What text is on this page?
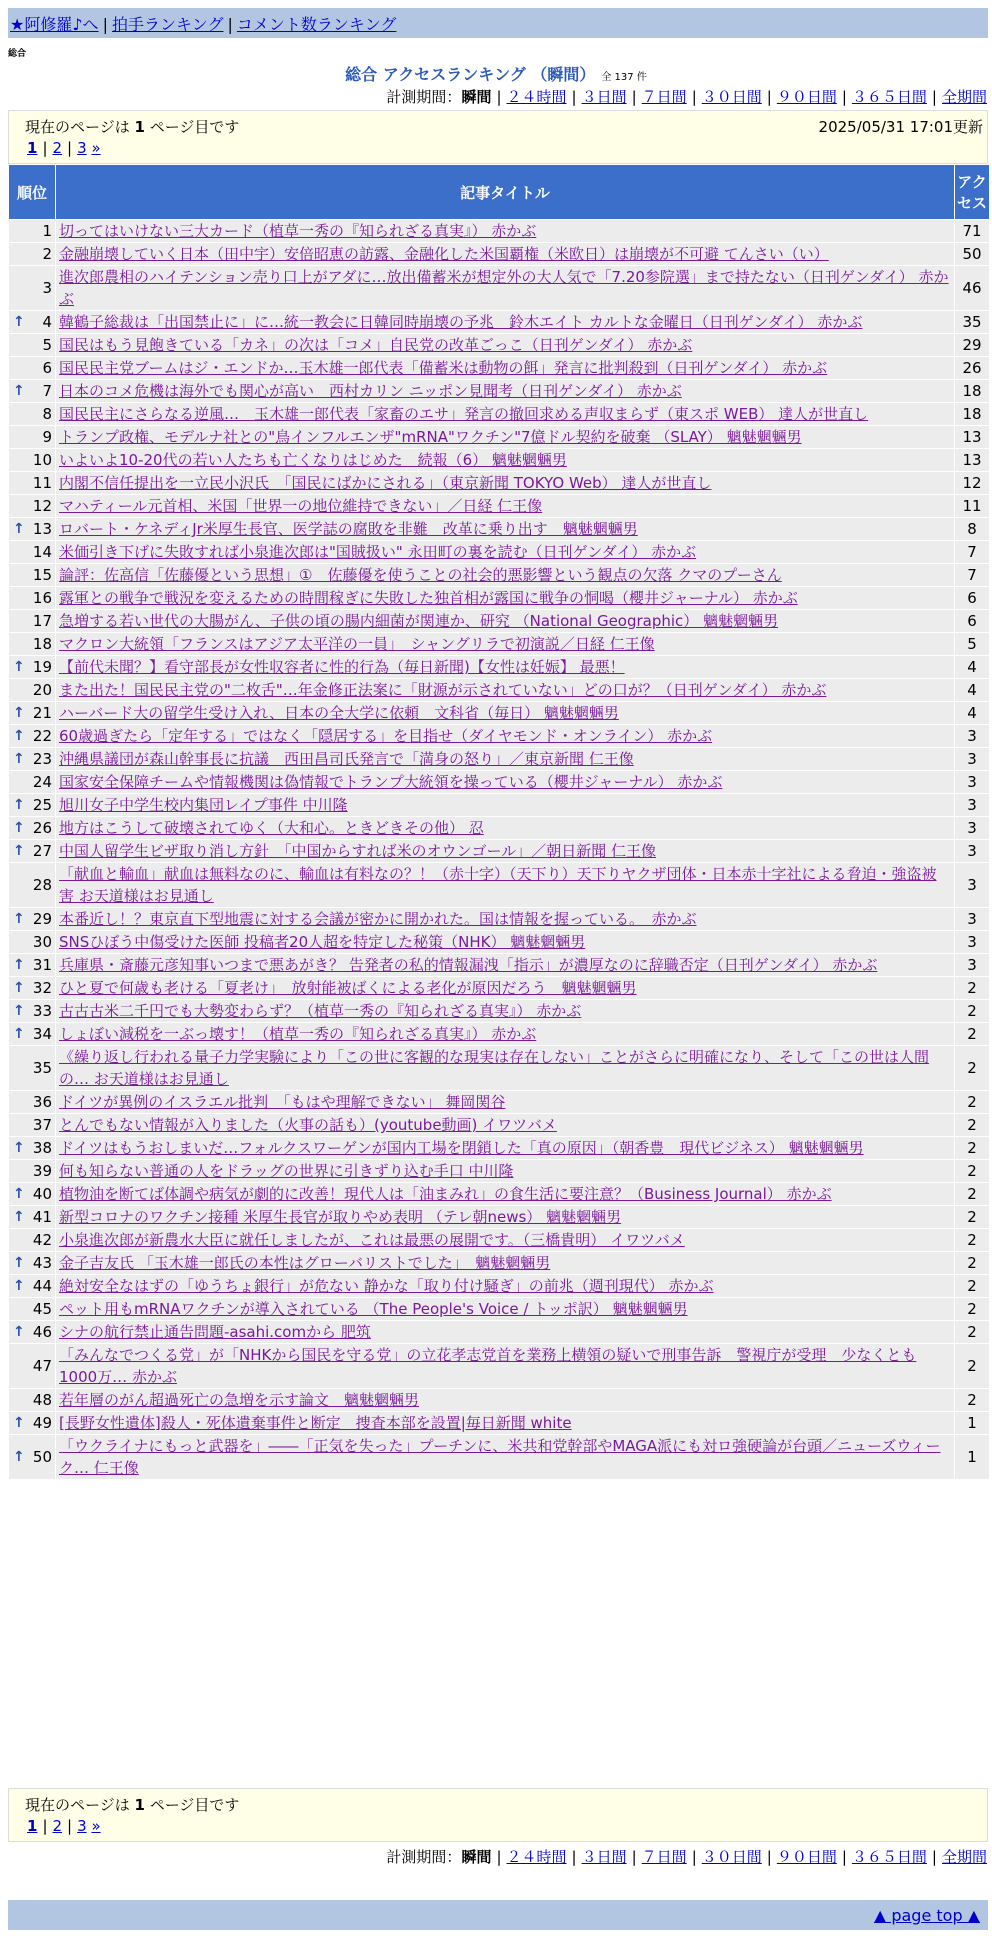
★阿修羅♪へ | 拍手ランキング | コメント数ランキング
総合
総合 アクセスランキング （瞬間） 全 137 件
計測期間：瞬間 | ２４時間 | ３日間 | ７日間 | ３０日間 | ９０日間 | ３６５日間 | 全期間
現在のページは 1 ページ目です	2025/05/31 17:01更新
1 | 2 | 3 »
順位	記事タイトル	アクセス
1	切ってはいけない三大カード（植草一秀の『知られざる真実』） 赤かぶ	71
2	金融崩壊していく日本（田中宇）安倍昭恵の訪露、金融化した米国覇権（米欧日）は崩壊が不可避 てんさい（い）	50
3	進次郎農相のハイテンション売り口上がアダに…放出備蓄米が想定外の大人気で「7.20参院選」まで持たない（日刊ゲンダイ） 赤かぶ	46

↑ 4	韓鶴子総裁は「出国禁止に」に…統一教会に日韓同時崩壊の予兆　鈴木エイト カルトな金曜日（日刊ゲンダイ） 赤かぶ	35
5	国民はもう見飽きている「カネ」の次は「コメ」自民党の改革ごっこ（日刊ゲンダイ） 赤かぶ	29
6	国民民主党ブームはジ・エンドか…玉木雄一郎代表「備蓄米は動物の餌」発言に批判殺到（日刊ゲンダイ） 赤かぶ	26

↑ 7	日本のコメ危機は海外でも関心が高い　西村カリン ニッポン見聞考（日刊ゲンダイ） 赤かぶ	18
8	国民民主にさらなる逆風…　玉木雄一郎代表「家畜のエサ」発言の撤回求める声収まらず（東スポ WEB） 達人が世直し	18
9	トランプ政権、モデルナ社との"鳥インフルエンザ"mRNA"ワクチン"7億ドル契約を破棄 （SLAY） 魑魅魍魎男	13
10	いよいよ10-20代の若い人たちも亡くなりはじめた　続報（6） 魑魅魍魎男	13
11	内閣不信任提出を一立民小沢氏　「国民にばかにされる」（東京新聞 TOKYO Web） 達人が世直し	12
12	マハティール元首相、米国「世界一の地位維持できない」／日経 仁王像	11

↑ 13	ロバート・ケネディJr米厚生長官、医学誌の腐敗を非難　改革に乗り出す　魑魅魍魎男	8
14	米価引き下げに失敗すれば小泉進次郎は"国賊扱い" 永田町の裏を読む（日刊ゲンダイ） 赤かぶ	7
15	論評：佐高信「佐藤優という思想」①　佐藤優を使うことの社会的悪影響という観点の欠落 クマのプーさん	7
16	露軍との戦争で戦況を変えるための時間稼ぎに失敗した独首相が露国に戦争の恫喝（櫻井ジャーナル） 赤かぶ	6
17	急増する若い世代の大腸がん、子供の頃の腸内細菌が関連か、研究 （National Geographic） 魑魅魍魎男	6
18	マクロン大統領「フランスはアジア太平洋の一員」　シャングリラで初演説／日経 仁王像	5

↑ 19	【前代未聞？】看守部長が女性収容者に性的行為（毎日新聞)【女性は妊娠】 最悪！	4
20	また出た！国民民主党の"二枚舌"…年金修正法案に「財源が示されていない」どの口が？（日刊ゲンダイ） 赤かぶ	4

↑ 21	ハーバード大の留学生受け入れ、日本の全大学に依頼　文科省（毎日） 魑魅魍魎男	4

↑ 22	60歳過ぎたら「定年する」ではなく「隠居する」を目指せ（ダイヤモンド・オンライン） 赤かぶ	3

↑ 23	沖縄県議団が森山幹事長に抗議　西田昌司氏発言で「満身の怒り」／東京新聞 仁王像	3
24	国家安全保障チームや情報機関は偽情報でトランプ大統領を操っている（櫻井ジャーナル） 赤かぶ	3

↑ 25	旭川女子中学生校内集団レイプ事件 中川隆	3

↑ 26	地方はこうして破壊されてゆく（大和心。ときどきその他） 忍	3

↑ 27	中国人留学生ビザ取り消し方針　「中国からすれば米のオウンゴール」／朝日新聞 仁王像	3
28	「献血と輸血」献血は無料なのに、輸血は有料なの？！（赤十字）（天下り）天下りヤクザ団体・日本赤十字社による脅迫・強盗被害 お天道様はお見通し	3

↑ 29	本番近し！？東京直下型地震に対する会議が密かに開かれた。国は情報を握っている。　赤かぶ	3
30	SNSひぼう中傷受けた医師 投稿者20人超を特定した秘策（NHK） 魑魅魍魎男	3

↑ 31	兵庫県・斎藤元彦知事いつまで悪あがき？ 告発者の私的情報漏洩「指示」が濃厚なのに辞職否定（日刊ゲンダイ） 赤かぶ	3

↑ 32	ひと夏で何歳も老ける「夏老け」　放射能被ばくによる老化が原因だろう　魑魅魍魎男	2

↑ 33	古古古米二千円でも大勢変わらず？（植草一秀の『知られざる真実』） 赤かぶ	2

↑ 34	しょぼい減税を一ぶっ壊す！（植草一秀の『知られざる真実』） 赤かぶ	2
35	《繰り返し行われる量子力学実験により「この世に客観的な現実は存在しない」ことがさらに明確になり、そして「この世は人間の… お天道様はお見通し	2
36	ドイツが異例のイスラエル批判　「もはや理解できない」 舞岡関谷	2
37	とんでもない情報が入りました（火事の話も）(youtube動画) イワツバメ	2

↑ 38	ドイツはもうおしまいだ…フォルクスワーゲンが国内工場を閉鎖した「真の原因」（朝香豊　現代ビジネス） 魑魅魍魎男	2
39	何も知らない普通の人をドラッグの世界に引きずり込む手口 中川隆	2

↑ 40	植物油を断てば体調や病気が劇的に改善！現代人は「油まみれ」の食生活に要注意？（Business Journal） 赤かぶ	2

↑ 41	新型コロナのワクチン接種 米厚生長官が取りやめ表明 （テレ朝news） 魑魅魍魎男	2
42	小泉進次郎が新農水大臣に就任しましたが、これは最悪の展開です。（三橋貴明） イワツバメ	2

↑ 43	金子吉友氏 「玉木雄一郎氏の本性はグローバリストでした」　魑魅魍魎男	2

↑ 44	絶対安全なはずの「ゆうちょ銀行」が危ない 静かな「取り付け騒ぎ」の前兆（週刊現代） 赤かぶ	2
45	ペット用もmRNAワクチンが導入されている （The People's Voice / トッポ訳） 魑魅魍魎男	2

↑ 46	シナの航行禁止通告問題-asahi.comから 肥筑	2
47	「みんなでつくる党」が「NHKから国民を守る党」の立花孝志党首を業務上横領の疑いで刑事告訴　警視庁が受理　少なくとも1000万… 赤かぶ	2
48	若年層のがん超過死亡の急増を示す論文　魑魅魍魎男	2

↑ 49	[長野女性遺体]殺人・死体遺棄事件と断定　捜査本部を設置|毎日新聞 white	1

↑ 50	「ウクライナにもっと武器を」――「正気を失った」プーチンに、米共和党幹部やMAGA派にも対ロ強硬論が台頭／ニューズウィーク… 仁王像	1
現在のページは 1 ページ目です
1 | 2 | 3 »
計測期間：瞬間 | ２４時間 | ３日間 | ７日間 | ３０日間 | ９０日間 | ３６５日間 | 全期間
▲ page top ▲
